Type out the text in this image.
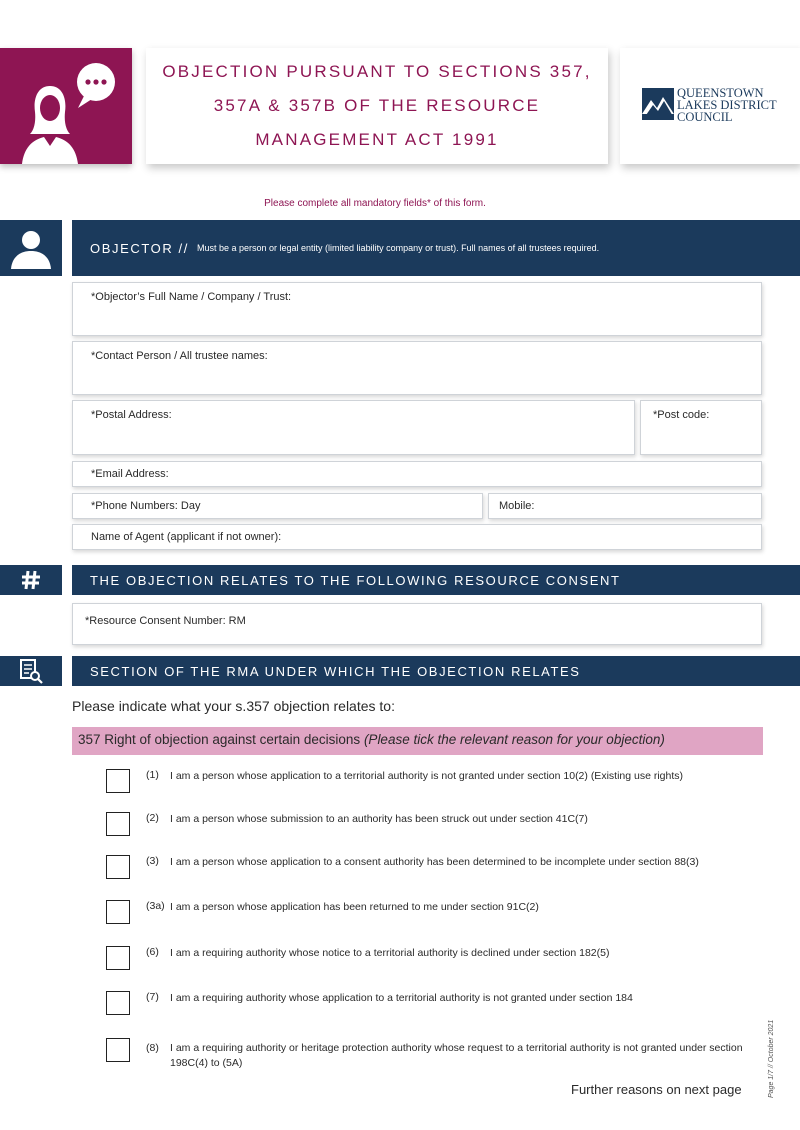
OBJECTION PURSUANT TO SECTIONS 357,
357A & 357B OF THE RESOURCE
MANAGEMENT ACT 1991
QUEENSTOWN
LAKES DISTRICT
COUNCIL
Please complete all mandatory fields* of this form.
OBJECTOR // Must be a person or legal entity (limited liability company or trust). Full names of all trustees required.
*Objector’s Full Name / Company / Trust:
*Contact Person / All trustee names:
*Postal Address:	*Post code:
*Email Address:
*Phone Numbers: Day	Mobile:
Name of Agent (applicant if not owner):
THE OBJECTION RELATES TO THE FOLLOWING RESOURCE CONSENT
*Resource Consent Number: RM
SECTION OF THE RMA UNDER WHICH THE OBJECTION RELATES
Please indicate what your s.357 objection relates to:
357 Right of objection against certain decisions (Please tick the relevant reason for your objection)
(1) I am a person whose application to a territorial authority is not granted under section 10(2) (Existing use rights)
(2) I am a person whose submission to an authority has been struck out under section 41C(7)
(3) I am a person whose application to a consent authority has been determined to be incomplete under section 88(3)
(3a) I am a person whose application has been returned to me under section 91C(2)
(6) I am a requiring authority whose notice to a territorial authority is declined under section 182(5)
(7) I am a requiring authority whose application to a territorial authority is not granted under section 184
(8) I am a requiring authority or heritage protection authority whose request to a territorial authority is not granted under section 198C(4) to (5A)
Further reasons on next page	Page 1/7 // October 2021
